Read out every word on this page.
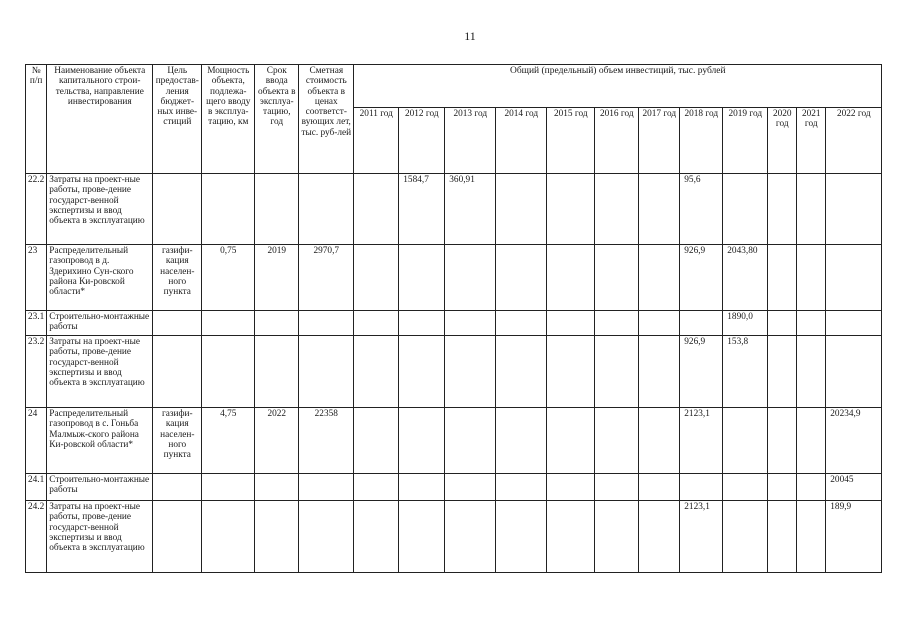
11
№ п/п	Наименование объекта капитального строи-тельства, направление инвестирования	Цель предостав-ления бюджет-ных инве-стиций	Мощность объекта, подлежа-щего вводу в эксплуа-тацию, км	Срок ввода объекта в эксплуа-тацию, год	Сметная стоимость объекта в ценах соответст-вующих лет, тыс. руб-лей	Общий (предельный) объем инвестиций, тыс. рублей											
						2011 год	2012 год	2013 год	2014 год	2015 год	2016 год	2017 год	2018 год	2019 год	2020 год	2021 год	2022 год
22.2	Затраты на проект-ные работы, прове-дение государст-венной экспертизы и ввод объекта в эксплуатацию						1584,7	360,91					95,6				
23	Распределительный газопровод в д. Здерихино Сун-ского района Ки-ровской области*	газифи-кация населен-ного пункта	0,75	2019	2970,7								926,9	2043,80			
23.1	Строительно-монтажные работы													1890,0			
23.2	Затраты на проект-ные работы, прове-дение государст-венной экспертизы и ввод объекта в эксплуатацию												926,9	153,8			
24	Распределительный газопровод в с. Гоньба Малмыж-ского района Ки-ровской области*	газифи-кация населен-ного пункта	4,75	2022	22358								2123,1				20234,9
24.1	Строительно-монтажные работы																20045
24.2	Затраты на проект-ные работы, прове-дение государст-венной экспертизы и ввод объекта в эксплуатацию												2123,1				189,9
